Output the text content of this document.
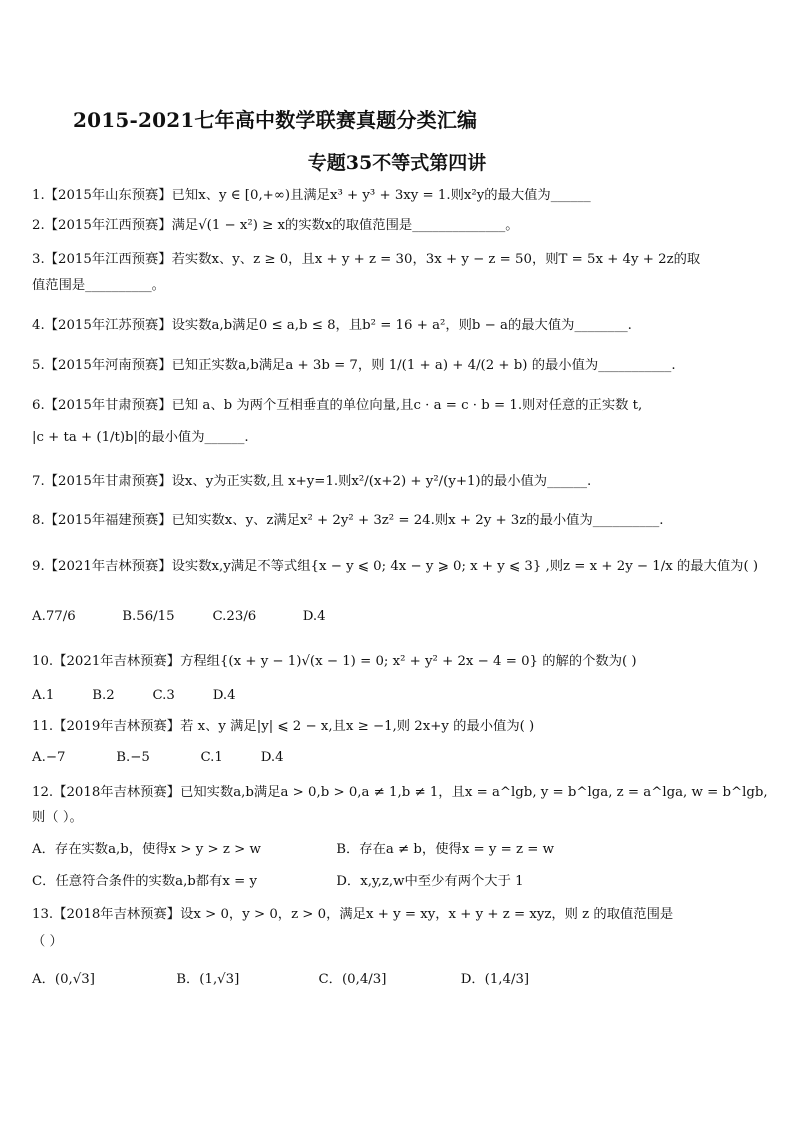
2015-2021七年高中数学联赛真题分类汇编
专题35不等式第四讲
1.【2015年山东预赛】已知x、y ∈ [0,+∞)且满足x³ + y³ + 3xy = 1.则x²y的最大值为______
2.【2015年江西预赛】满足√(1 − x²) ≥ x的实数x的取值范围是______________。
3.【2015年江西预赛】若实数x、y、z ≥ 0，且x + y + z = 30，3x + y − z = 50，则T = 5x + 4y + 2z的取
值范围是__________。
4.【2015年江苏预赛】设实数a,b满足0 ≤ a,b ≤ 8，且b² = 16 + a²，则b − a的最大值为________.
5.【2015年河南预赛】已知正实数a,b满足a + 3b = 7，则 1/(1 + a) + 4/(2 + b) 的最小值为___________.
6.【2015年甘肃预赛】已知 a、b 为两个互相垂直的单位向量,且c · a = c · b = 1.则对任意的正实数 t,
|c + ta + (1/t)b|的最小值为______.
7.【2015年甘肃预赛】设x、y为正实数,且 x+y=1.则x²/(x+2) + y²/(y+1)的最小值为______.
8.【2015年福建预赛】已知实数x、y、z满足x² + 2y² + 3z² = 24.则x + 2y + 3z的最小值为__________.
9.【2021年吉林预赛】设实数x,y满足不等式组{x − y ⩽ 0; 4x − y ⩾ 0; x + y ⩽ 3} ,则z = x + 2y − 1/x 的最大值为( )
A.77/6	B.56/15	C.23/6	D.4
10.【2021年吉林预赛】方程组{(x + y − 1)√(x − 1) = 0; x² + y² + 2x − 4 = 0} 的解的个数为( )
A.1	B.2	C.3	D.4
11.【2019年吉林预赛】若 x、y 满足|y| ⩽ 2 − x,且x ≥ −1,则 2x+y 的最小值为( )
A.−7	B.−5	C.1	D.4
12.【2018年吉林预赛】已知实数a,b满足a > 0,b > 0,a ≠ 1,b ≠ 1，且x = a^lgb, y = b^lga, z = a^lga, w = b^lgb,
则（ ）。
A．存在实数a,b，使得x > y > z > w	B．存在a ≠ b，使得x = y = z = w
C．任意符合条件的实数a,b都有x = y	D．x,y,z,w中至少有两个大于 1
13.【2018年吉林预赛】设x > 0，y > 0，z > 0，满足x + y = xy，x + y + z = xyz，则 z 的取值范围是
（ ）
A．(0,√3]	B．(1,√3]	C．(0,4/3]	D．(1,4/3]
